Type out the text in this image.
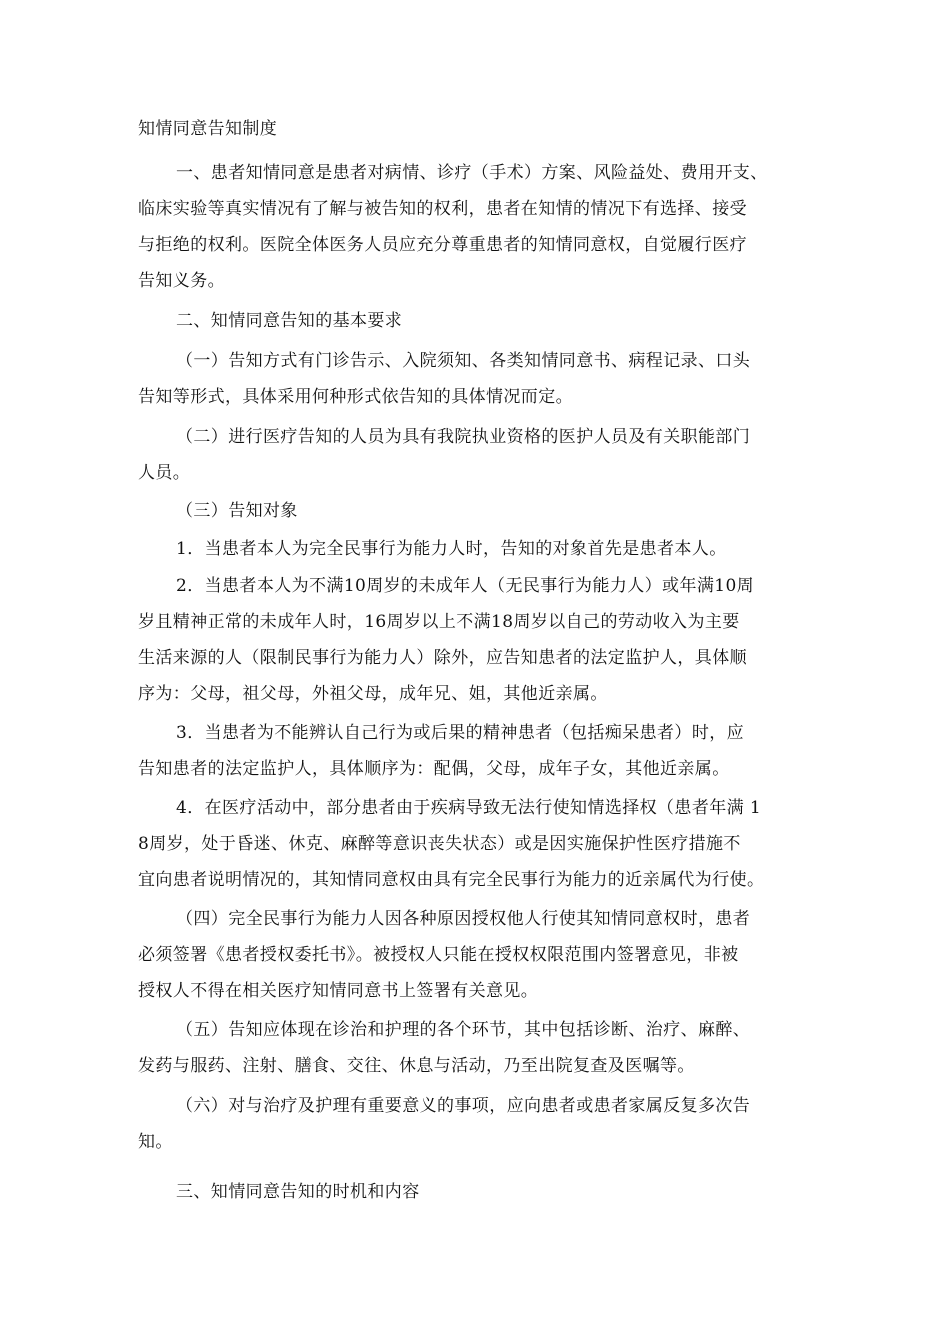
知情同意告知制度
一、患者知情同意是患者对病情、诊疗（手术）方案、风险益处、费用开支、
临床实验等真实情况有了解与被告知的权利，患者在知情的情况下有选择、接受
与拒绝的权利。医院全体医务人员应充分尊重患者的知情同意权，自觉履行医疗
告知义务。
二、知情同意告知的基本要求
（一）告知方式有门诊告示、入院须知、各类知情同意书、病程记录、口头
告知等形式，具体采用何种形式依告知的具体情况而定。
（二）进行医疗告知的人员为具有我院执业资格的医护人员及有关职能部门
人员。
（三）告知对象
1．当患者本人为完全民事行为能力人时，告知的对象首先是患者本人。
2．当患者本人为不满10周岁的未成年人（无民事行为能力人）或年满10周
岁且精神正常的未成年人时，16周岁以上不满18周岁以自己的劳动收入为主要
生活来源的人（限制民事行为能力人）除外，应告知患者的法定监护人，具体顺
序为：父母，祖父母，外祖父母，成年兄、姐，其他近亲属。
3．当患者为不能辨认自己行为或后果的精神患者（包括痴呆患者）时，应
告知患者的法定监护人，具体顺序为：配偶，父母，成年子女，其他近亲属。
4．在医疗活动中，部分患者由于疾病导致无法行使知情选择权（患者年满 1
8周岁，处于昏迷、休克、麻醉等意识丧失状态）或是因实施保护性医疗措施不
宜向患者说明情况的，其知情同意权由具有完全民事行为能力的近亲属代为行使。
（四）完全民事行为能力人因各种原因授权他人行使其知情同意权时，患者
必须签署《患者授权委托书》。被授权人只能在授权权限范围内签署意见，非被
授权人不得在相关医疗知情同意书上签署有关意见。
（五）告知应体现在诊治和护理的各个环节，其中包括诊断、治疗、麻醉、
发药与服药、注射、膳食、交往、休息与活动，乃至出院复查及医嘱等。
（六）对与治疗及护理有重要意义的事项，应向患者或患者家属反复多次告
知。
三、知情同意告知的时机和内容
